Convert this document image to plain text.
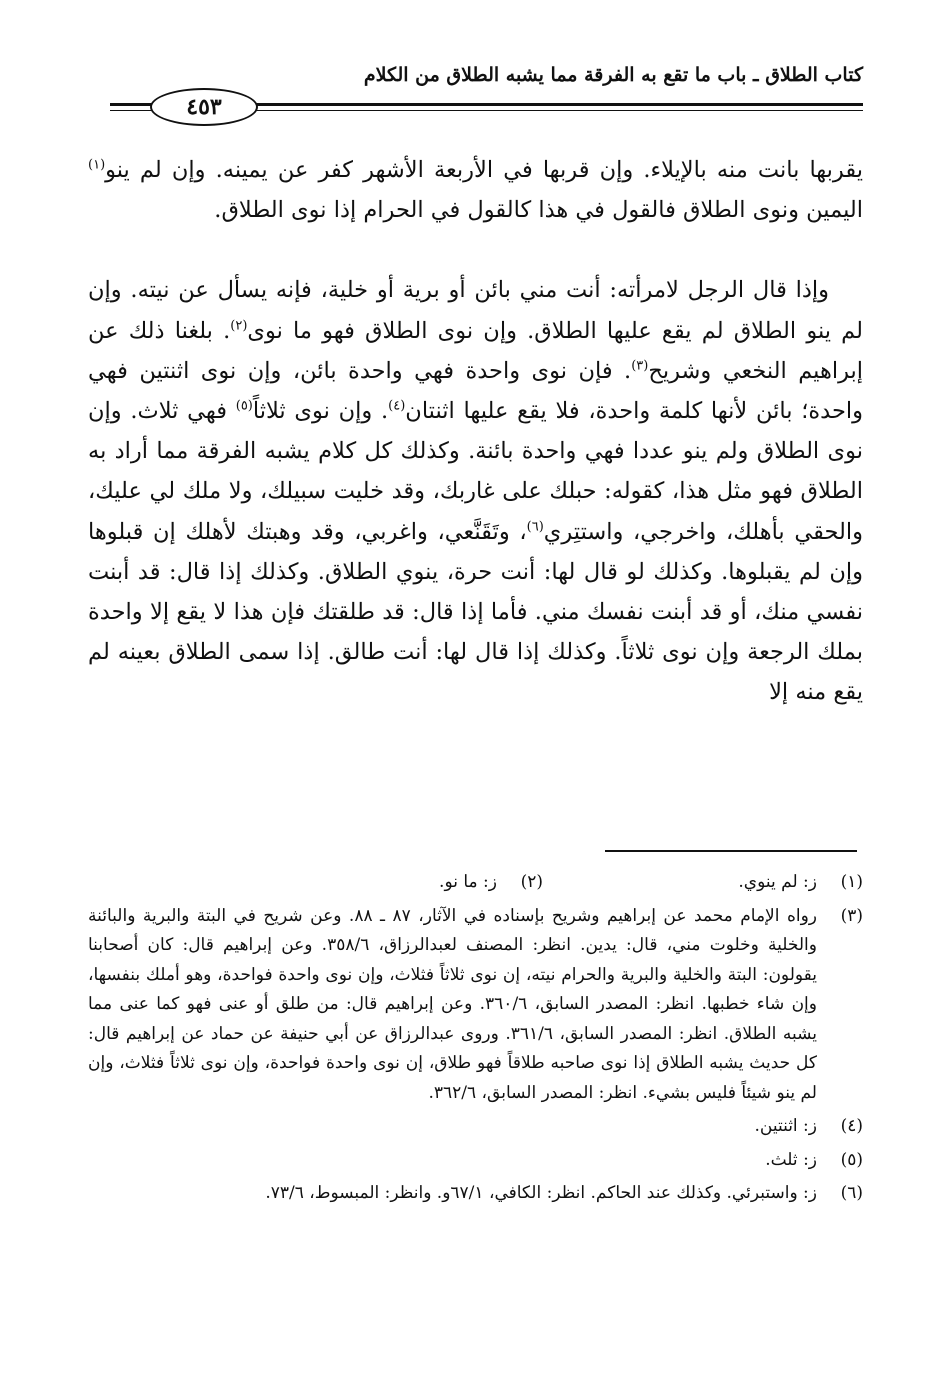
كتاب الطلاق ـ باب ما تقع به الفرقة مما يشبه الطلاق من الكلام
٤٥٣

يقربها بانت منه بالإيلاء. وإن قربها في الأربعة الأشهر كفر عن يمينه. وإن لم ينو$^{(١)}$ اليمين ونوى الطلاق فالقول في هذا كالقول في الحرام إذا نوى الطلاق.

وإذا قال الرجل لامرأته: أنت مني بائن أو برية أو خلية، فإنه يسأل عن نيته. وإن لم ينو الطلاق لم يقع عليها الطلاق. وإن نوى الطلاق فهو ما نوى$^{(٢)}$. بلغنا ذلك عن إبراهيم النخعي وشريح$^{(٣)}$. فإن نوى واحدة فهي واحدة بائن، وإن نوى اثنتين فهي واحدة؛ بائن لأنها كلمة واحدة، فلا يقع عليها اثنتان$^{(٤)}$. وإن نوى ثلاثاً$^{(٥)}$ فهي ثلاث. وإن نوى الطلاق ولم ينو عددا فهي واحدة بائنة. وكذلك كل كلام يشبه الفرقة مما أراد به الطلاق فهو مثل هذا، كقوله: حبلك على غاربك، وقد خليت سبيلك، ولا ملك لي عليك، والحقي بأهلك، واخرجي، واستتِري$^{(٦)}$، وتَقَنَّعي، واغربي، وقد وهبتك لأهلك إن قبلوها وإن لم يقبلوها. وكذلك لو قال لها: أنت حرة، ينوي الطلاق. وكذلك إذا قال: قد أبنت نفسي منك، أو قد أبنت نفسك مني. فأما إذا قال: قد طلقتك فإن هذا لا يقع إلا واحدة بملك الرجعة وإن نوى ثلاثاً. وكذلك إذا قال لها: أنت طالق. إذا سمى الطلاق بعينه لم يقع منه إلا

(١)
ز: لم ينوي.
(٢)
ز: ما نو.
(٣)
رواه الإمام محمد عن إبراهيم وشريح بإسناده في الآثار، ٨٧ ـ ٨٨. وعن شريح في البتة والبرية والبائنة والخلية وخلوت مني، قال: يدين. انظر: المصنف لعبدالرزاق، ٣٥٨/٦. وعن إبراهيم قال: كان أصحابنا يقولون: البتة والخلية والبرية والحرام نيته، إن نوى ثلاثاً فثلاث، وإن نوى واحدة فواحدة، وهو أملك بنفسها، وإن شاء خطبها. انظر: المصدر السابق، ٣٦٠/٦. وعن إبراهيم قال: من طلق أو عنى فهو كما عنى مما يشبه الطلاق. انظر: المصدر السابق، ٣٦١/٦. وروى عبدالرزاق عن أبي حنيفة عن حماد عن إبراهيم قال: كل حديث يشبه الطلاق إذا نوى صاحبه طلاقاً فهو طلاق، إن نوى واحدة فواحدة، وإن نوى ثلاثاً فثلاث، وإن لم ينو شيئاً فليس بشيء. انظر: المصدر السابق، ٣٦٢/٦.
(٤)
ز: اثنتين.
(٥)
ز: ثلث.
(٦)
ز: واستبرئي. وكذلك عند الحاكم. انظر: الكافي، ٦٧/١و. وانظر: المبسوط، ٧٣/٦.
